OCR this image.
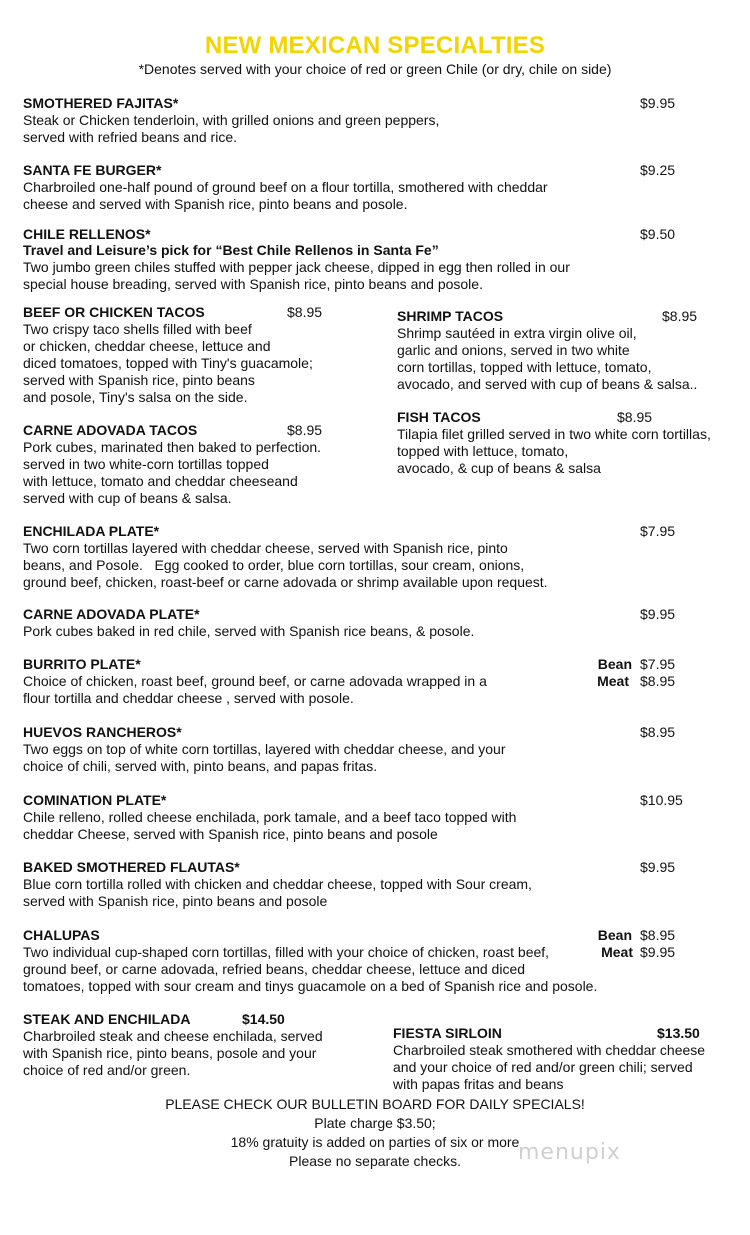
NEW MEXICAN SPECIALTIES
*Denotes served with your choice of red or green Chile (or dry, chile on side)
SMOTHERED FAJITAS*	$9.95
Steak or Chicken tenderloin, with grilled onions and green peppers,
served with refried beans and rice.
SANTA FE BURGER*	$9.25
Charbroiled one-half pound of ground beef on a flour tortilla, smothered with cheddar
cheese and served with Spanish rice, pinto beans and posole.
CHILE RELLENOS*	$9.50
Travel and Leisure’s pick for “Best Chile Rellenos in Santa Fe”
Two jumbo green chiles stuffed with pepper jack cheese, dipped in egg then rolled in our
special house breading, served with Spanish rice, pinto beans and posole.
BEEF OR CHICKEN TACOS	$8.95
Two crispy taco shells filled with beef
or chicken, cheddar cheese, lettuce and
diced tomatoes, topped with Tiny's guacamole;
served with Spanish rice, pinto beans
and posole, Tiny's salsa on the side.
SHRIMP TACOS	$8.95
Shrimp sautéed in extra virgin olive oil,
garlic and onions, served in two white
corn tortillas, topped with lettuce, tomato,
avocado, and served with cup of beans & salsa..
CARNE ADOVADA TACOS	$8.95
Pork cubes, marinated then baked to perfection.
served in two white-corn tortillas topped
with lettuce, tomato and cheddar cheeseand
served with cup of beans & salsa.
FISH TACOS	$8.95
Tilapia filet grilled served in two white corn tortillas,
topped with lettuce, tomato,
avocado, & cup of beans & salsa
ENCHILADA PLATE*	$7.95
Two corn tortillas layered with cheddar cheese, served with Spanish rice, pinto
beans, and Posole.   Egg cooked to order, blue corn tortillas, sour cream, onions,
ground beef, chicken, roast-beef or carne adovada or shrimp available upon request.
CARNE ADOVADA PLATE*	$9.95
Pork cubes baked in red chile, served with Spanish rice beans, & posole.
BURRITO PLATE*	Bean $7.95
Meat $8.95
Choice of chicken, roast beef, ground beef, or carne adovada wrapped in a
flour tortilla and cheddar cheese , served with posole.
HUEVOS RANCHEROS*	$8.95
Two eggs on top of white corn tortillas, layered with cheddar cheese, and your
choice of chili, served with, pinto beans, and papas fritas.
COMINATION PLATE*	$10.95
Chile relleno, rolled cheese enchilada, pork tamale, and a beef taco topped with
cheddar Cheese, served with Spanish rice, pinto beans and posole
BAKED SMOTHERED FLAUTAS*	$9.95
Blue corn tortilla rolled with chicken and cheddar cheese, topped with Sour cream,
served with Spanish rice, pinto beans and posole
CHALUPAS	Bean $8.95
Meat $9.95
Two individual cup-shaped corn tortillas, filled with your choice of chicken, roast beef,
ground beef, or carne adovada, refried beans, cheddar cheese, lettuce and diced
tomatoes, topped with sour cream and tinys guacamole on a bed of Spanish rice and posole.
STEAK AND ENCHILADA	$14.50
Charbroiled steak and cheese enchilada, served
with Spanish rice, pinto beans, posole and your
choice of red and/or green.
FIESTA SIRLOIN	$13.50
Charbroiled steak smothered with cheddar cheese
and your choice of red and/or green chili; served
with papas fritas and beans
PLEASE CHECK OUR BULLETIN BOARD FOR DAILY SPECIALS!
Plate charge $3.50;
18% gratuity is added on parties of six or more
Please no separate checks.	menupix
